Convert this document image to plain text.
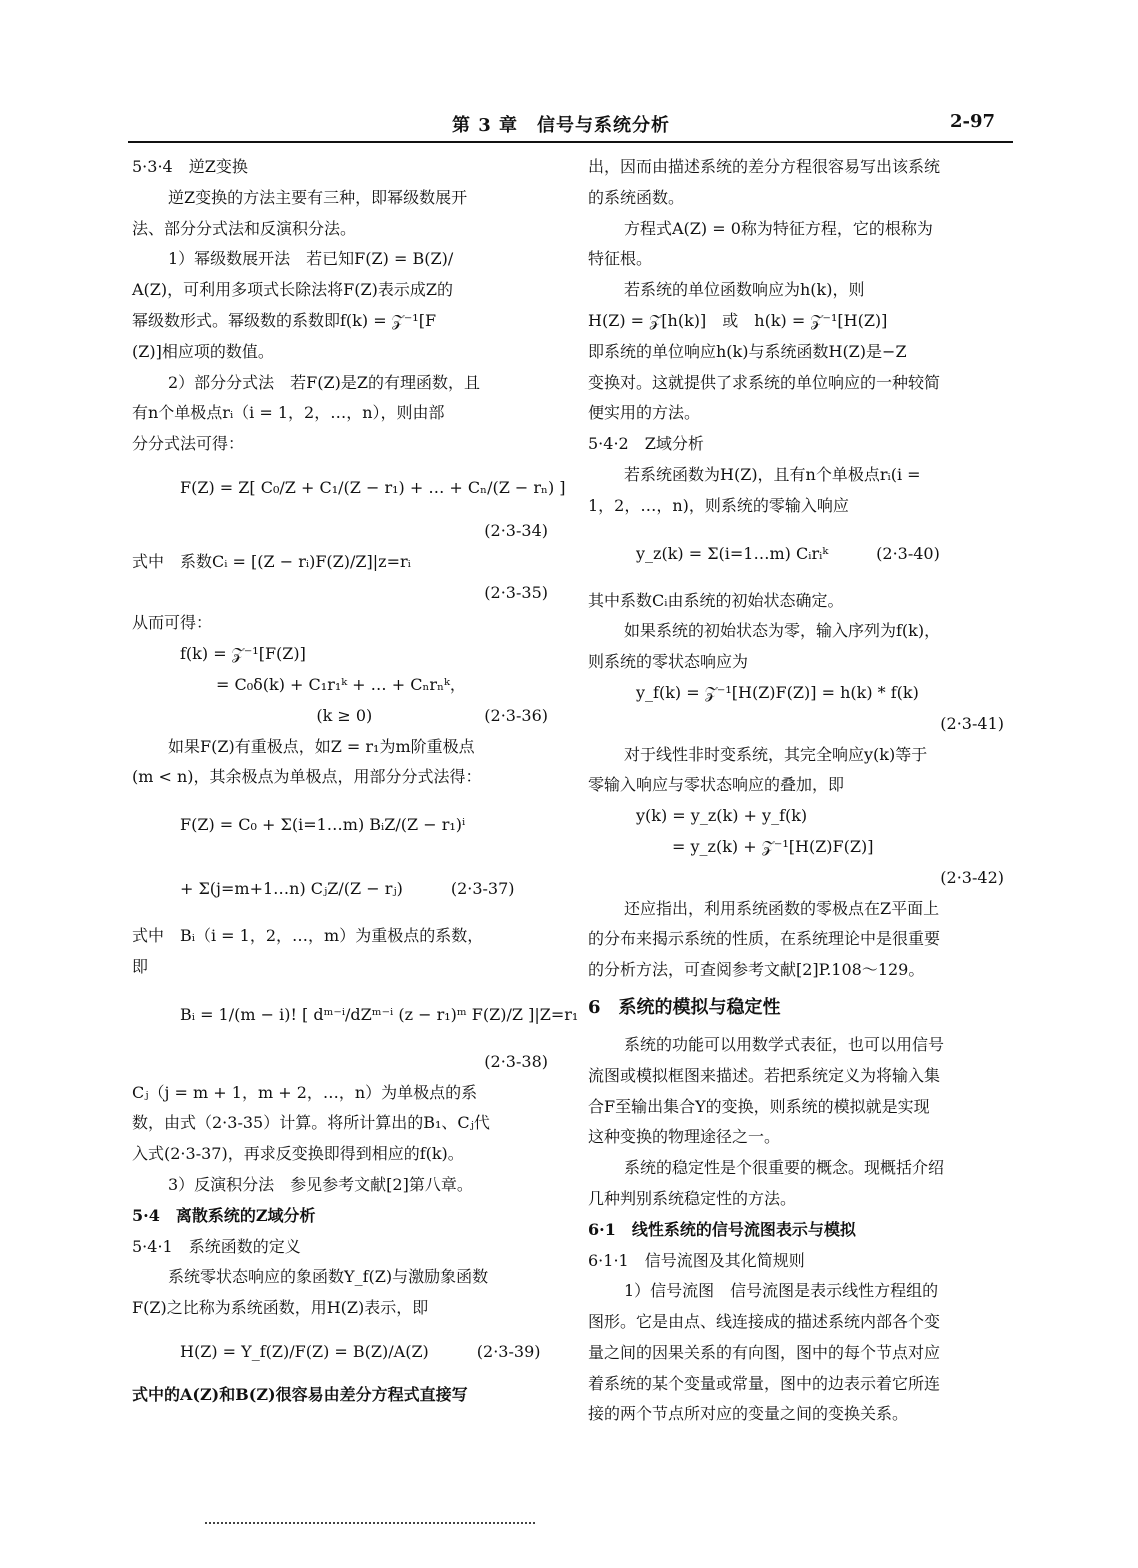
第 3 章　信号与系统分析	2-97
5·3·4　逆Z变换
逆Z变换的方法主要有三种，即幂级数展开
法、部分分式法和反演积分法。
1）幂级数展开法　若已知F(Z) = B(Z)/
A(Z)，可利用多项式长除法将F(Z)表示成Z的
幂级数形式。幂级数的系数即f(k) = 𝒵⁻¹[F
(Z)]相应项的数值。
2）部分分式法　若F(Z)是Z的有理函数，且
有n个单极点rᵢ（i = 1，2，…，n），则由部
分分式法可得：
F(Z) = Z[ C₀/Z + C₁/(Z − r₁) + … + Cₙ/(Z − rₙ) ]
(2·3-34)
式中　系数Cᵢ = [(Z − rᵢ)F(Z)/Z]|z=rᵢ
(2·3-35)
从而可得：
f(k) = 𝒵⁻¹[F(Z)]
= C₀δ(k) + C₁r₁ᵏ + … + Cₙrₙᵏ，
(k ≥ 0)　　　　　　　(2·3-36)
如果F(Z)有重极点，如Z = r₁为m阶重极点
(m < n)，其余极点为单极点，用部分分式法得：
F(Z) = C₀ + Σ(i=1…m) BᵢZ/(Z − r₁)ⁱ
+ Σ(j=m+1…n) CⱼZ/(Z − rⱼ)　　　(2·3-37)
式中　Bᵢ（i = 1，2，…，m）为重极点的系数，
即
Bᵢ = 1/(m − i)! [ dᵐ⁻ⁱ/dZᵐ⁻ⁱ (z − r₁)ᵐ F(Z)/Z ]|Z=r₁
(2·3-38)
Cⱼ（j = m + 1，m + 2，…，n）为单极点的系
数，由式（2·3-35）计算。将所计算出的B₁、Cⱼ代
入式(2·3-37)，再求反变换即得到相应的f(k)。
3）反演积分法　参见参考文献[2]第八章。
5·4　离散系统的Z域分析
5·4·1　系统函数的定义
系统零状态响应的象函数Y_f(Z)与激励象函数
F(Z)之比称为系统函数，用H(Z)表示，即
H(Z) = Y_f(Z)/F(Z) = B(Z)/A(Z)　　　(2·3-39)
式中的A(Z)和B(Z)很容易由差分方程式直接写
出，因而由描述系统的差分方程很容易写出该系统
的系统函数。
方程式A(Z) = 0称为特征方程，它的根称为
特征根。
若系统的单位函数响应为h(k)，则
H(Z) = 𝒵[h(k)]　或　h(k) = 𝒵⁻¹[H(Z)]
即系统的单位响应h(k)与系统函数H(Z)是−Z
变换对。这就提供了求系统的单位响应的一种较简
便实用的方法。
5·4·2　Z域分析
若系统函数为H(Z)，且有n个单极点rᵢ(i =
1，2，…，n)，则系统的零输入响应
y_z(k) = Σ(i=1…m) Cᵢrᵢᵏ　　　(2·3-40)
其中系数Cᵢ由系统的初始状态确定。
如果系统的初始状态为零，输入序列为f(k)，
则系统的零状态响应为
y_f(k) = 𝒵⁻¹[H(Z)F(Z)] = h(k) * f(k)
(2·3-41)
对于线性非时变系统，其完全响应y(k)等于
零输入响应与零状态响应的叠加，即
y(k) = y_z(k) + y_f(k)
= y_z(k) + 𝒵⁻¹[H(Z)F(Z)]
(2·3-42)
还应指出，利用系统函数的零极点在Z平面上
的分布来揭示系统的性质，在系统理论中是很重要
的分析方法，可查阅参考文献[2]P.108～129。
6　系统的模拟与稳定性
系统的功能可以用数学式表征，也可以用信号
流图或模拟框图来描述。若把系统定义为将输入集
合F至输出集合Y的变换，则系统的模拟就是实现
这种变换的物理途径之一。
系统的稳定性是个很重要的概念。现概括介绍
几种判别系统稳定性的方法。
6·1　线性系统的信号流图表示与模拟
6·1·1　信号流图及其化简规则
1）信号流图　信号流图是表示线性方程组的
图形。它是由点、线连接成的描述系统内部各个变
量之间的因果关系的有向图，图中的每个节点对应
着系统的某个变量或常量，图中的边表示着它所连
接的两个节点所对应的变量之间的变换关系。
